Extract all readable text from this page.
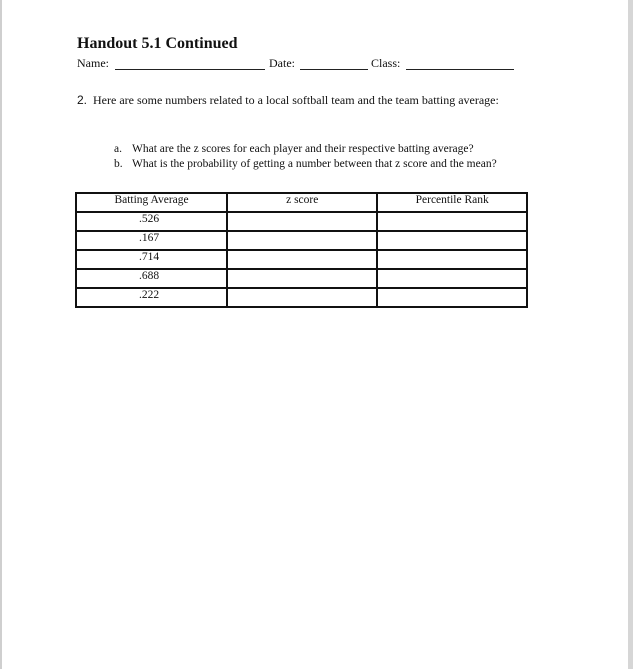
Handout 5.1 Continued
Name:	Date:	Class:
2. Here are some numbers related to a local softball team and the team batting average:
a. What are the z scores for each player and their respective batting average?
b. What is the probability of getting a number between that z score and the mean?
Batting Average	z score	Percentile Rank
.526		
.167		
.714		
.688		
.222		
